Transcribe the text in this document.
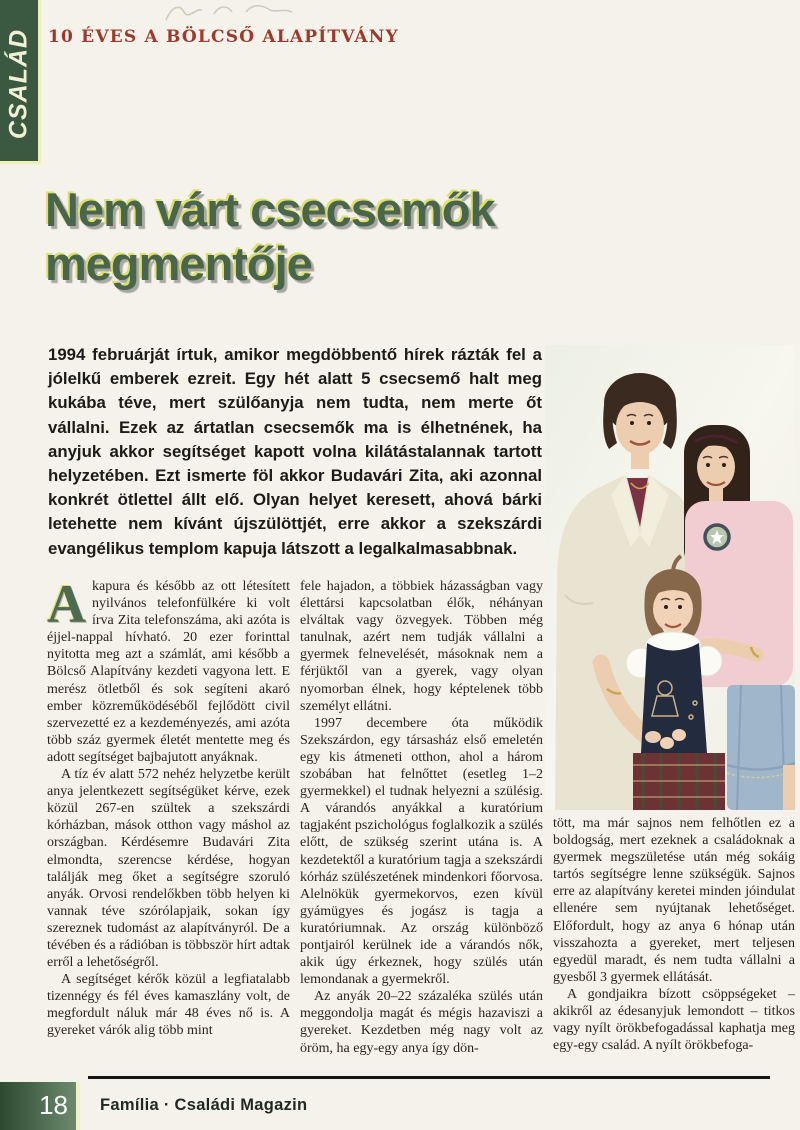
CSALÁD 10 ÉVES A BÖLCSŐ ALAPÍTVÁNY
Nem várt csecsemők megmentője
1994 februárját írtuk, amikor megdöbbentő hírek rázták fel a jólelkű emberek ezreit. Egy hét alatt 5 csecsemő halt meg kukába téve, mert szülőanyja nem tudta, nem merte őt vállalni. Ezek az ártatlan csecsemők ma is élhetnének, ha anyjuk akkor segítséget kapott volna kilátástalannak tartott helyzetében. Ezt ismerte föl akkor Budavári Zita, aki azonnal konkrét ötlettel állt elő. Olyan helyet keresett, ahová bárki letehette nem kívánt újszülöttjét, erre akkor a szekszárdi evangélikus templom kapuja látszott a legalkalmasabbnak.

Akapura és később az ott létesített nyilvános telefonfülkére ki volt írva Zita telefonszáma, aki azóta is éjjel-nappal hívható. 20 ezer forinttal nyitotta meg azt a számlát, ami később a Bölcső Alapítvány kezdeti vagyona lett. E merész ötletből és sok segíteni akaró ember közreműködéséből fejlődött civil szervezetté ez a kezdeményezés, ami azóta több száz gyermek életét mentette meg és adott segítséget bajbajutott anyáknak.

A tíz év alatt 572 nehéz helyzetbe került anya jelentkezett segítségüket kérve, ezek közül 267-en szültek a szekszárdi kórházban, mások otthon vagy máshol az országban. Kérdésemre Budavári Zita elmondta, szerencse kérdése, hogyan találják meg őket a segítségre szoruló anyák. Orvosi rendelőkben több helyen ki vannak téve szórólapjaik, sokan így szereznek tudomást az alapítványról. De a tévében és a rádióban is többször hírt adtak erről a lehetőségről.

A segítséget kérők közül a legfiatalabb tizennégy és fél éves kamaszlány volt, de megfordult náluk már 48 éves nő is. A gyereket várók alig több mint

fele hajadon, a többiek házasságban vagy élettársi kapcsolatban élők, néhányan elváltak vagy özvegyek. Többen még tanulnak, azért nem tudják vállalni a gyermek felnevelését, másoknak nem a férjüktől van a gyerek, vagy olyan nyomorban élnek, hogy képtelenek több személyt ellátni.

1997 decembere óta működik Szekszárdon, egy társasház első emeletén egy kis átmeneti otthon, ahol a három szobában hat felnőttet (esetleg 1–2 gyermekkel) el tudnak helyezni a szülésig. A várandós anyákkal a kuratórium tagjaként pszichológus foglalkozik a szülés előtt, de szükség szerint utána is. A kezdetektől a kuratórium tagja a szekszárdi kórház szülészetének mindenkori főorvosa. Alelnökük gyermekorvos, ezen kívül gyámügyes és jogász is tagja a kuratóriumnak. Az ország különböző pontjairól kerülnek ide a várandós nők, akik úgy érkeznek, hogy szülés után lemondanak a gyermekről.

Az anyák 20–22 százaléka szülés után meggondolja magát és mégis hazaviszi a gyereket. Kezdetben még nagy volt az öröm, ha egy-egy anya így dön-

tött, ma már sajnos nem felhőtlen ez a boldogság, mert ezeknek a családoknak a gyermek megszületése után még sokáig tartós segítségre lenne szükségük. Sajnos erre az alapítvány keretei minden jóindulat ellenére sem nyújtanak lehetőséget. Előfordult, hogy az anya 6 hónap után visszahozta a gyereket, mert teljesen egyedül maradt, és nem tudta vállalni a gyesből 3 gyermek ellátását.

A gondjaikra bízott csöppségeket – akikről az édesanyjuk lemondott – titkos vagy nyílt örökbefogadással kaphatja meg egy-egy család. A nyílt örökbefoga-

18 Família · Családi Magazin
